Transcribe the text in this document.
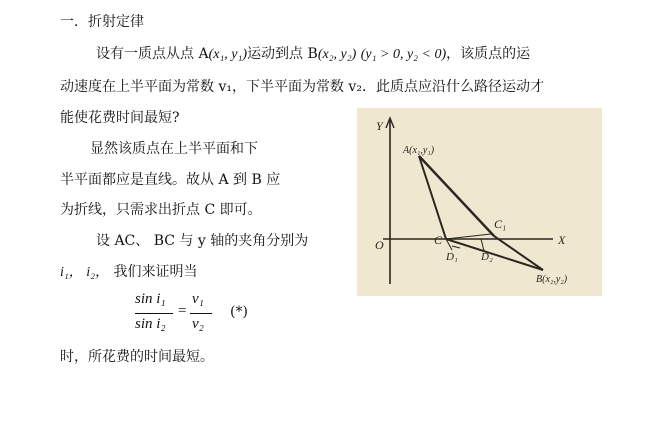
一．折射定律
设有一质点从点 A(x₁, y₁)运动到点 B(x₂, y₂) (y₁ > 0, y₂ < 0)，该质点的运
动速度在上半平面为常数 v₁，下半平面为常数 v₂．此质点应沿什么路径运动才
能使花费时间最短?
显然该质点在上半平面和下
半平面都应是直线。故从 A 到 B 应
为折线，只需求出折点 C 即可。
设 AC、 BC 与 y 轴的夹角分别为
i₁， i₂， 我们来证明当
sin i₁
sin i₂
=
v₁
v₂
(*)
时，所花费的时间最短。
Y
X
O
A(x₁,y₁)
C
C₁
D₁ D₂
B(x₂,y₂)
